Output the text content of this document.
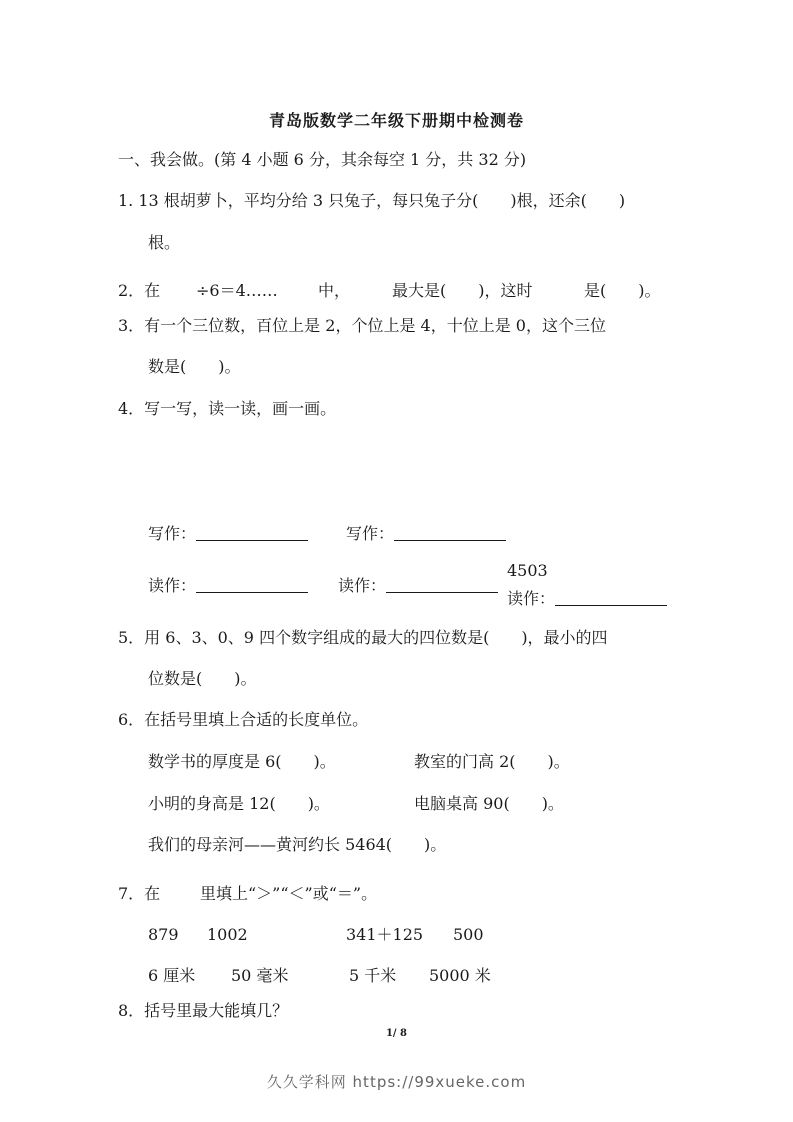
青岛版数学二年级下册期中检测卷
一、我会做。(第 4 小题 6 分，其余每空 1 分，共 32 分)
1. 13 根胡萝卜，平均分给 3 只兔子，每只兔子分(　　)根，还余(　　)
根。
2．在 ÷6＝4……	中，	最大是(　　)，这时	是(　　)。
3．有一个三位数，百位上是 2，个位上是 4，十位上是 0，这个三位
数是(　　)。
4．写一写，读一读，画一画。
写作：	写作：
读作：	读作：
4503
读作：
5．用 6、3、0、9 四个数字组成的最大的四位数是(　　)，最小的四
位数是(　　)。
6．在括号里填上合适的长度单位。
数学书的厚度是 6(　　)。	教室的门高 2(　　)。
小明的身高是 12(　　)。	电脑桌高 90(　　)。
我们的母亲河——黄河约长 5464(　　)。
7．在 里填上“＞”“＜”或“＝”。
879 1002	341＋125 500
6 厘米 50 毫米	5 千米 5000 米
8．括号里最大能填几？
1/ 8
久久学科网 https://99xueke.com
